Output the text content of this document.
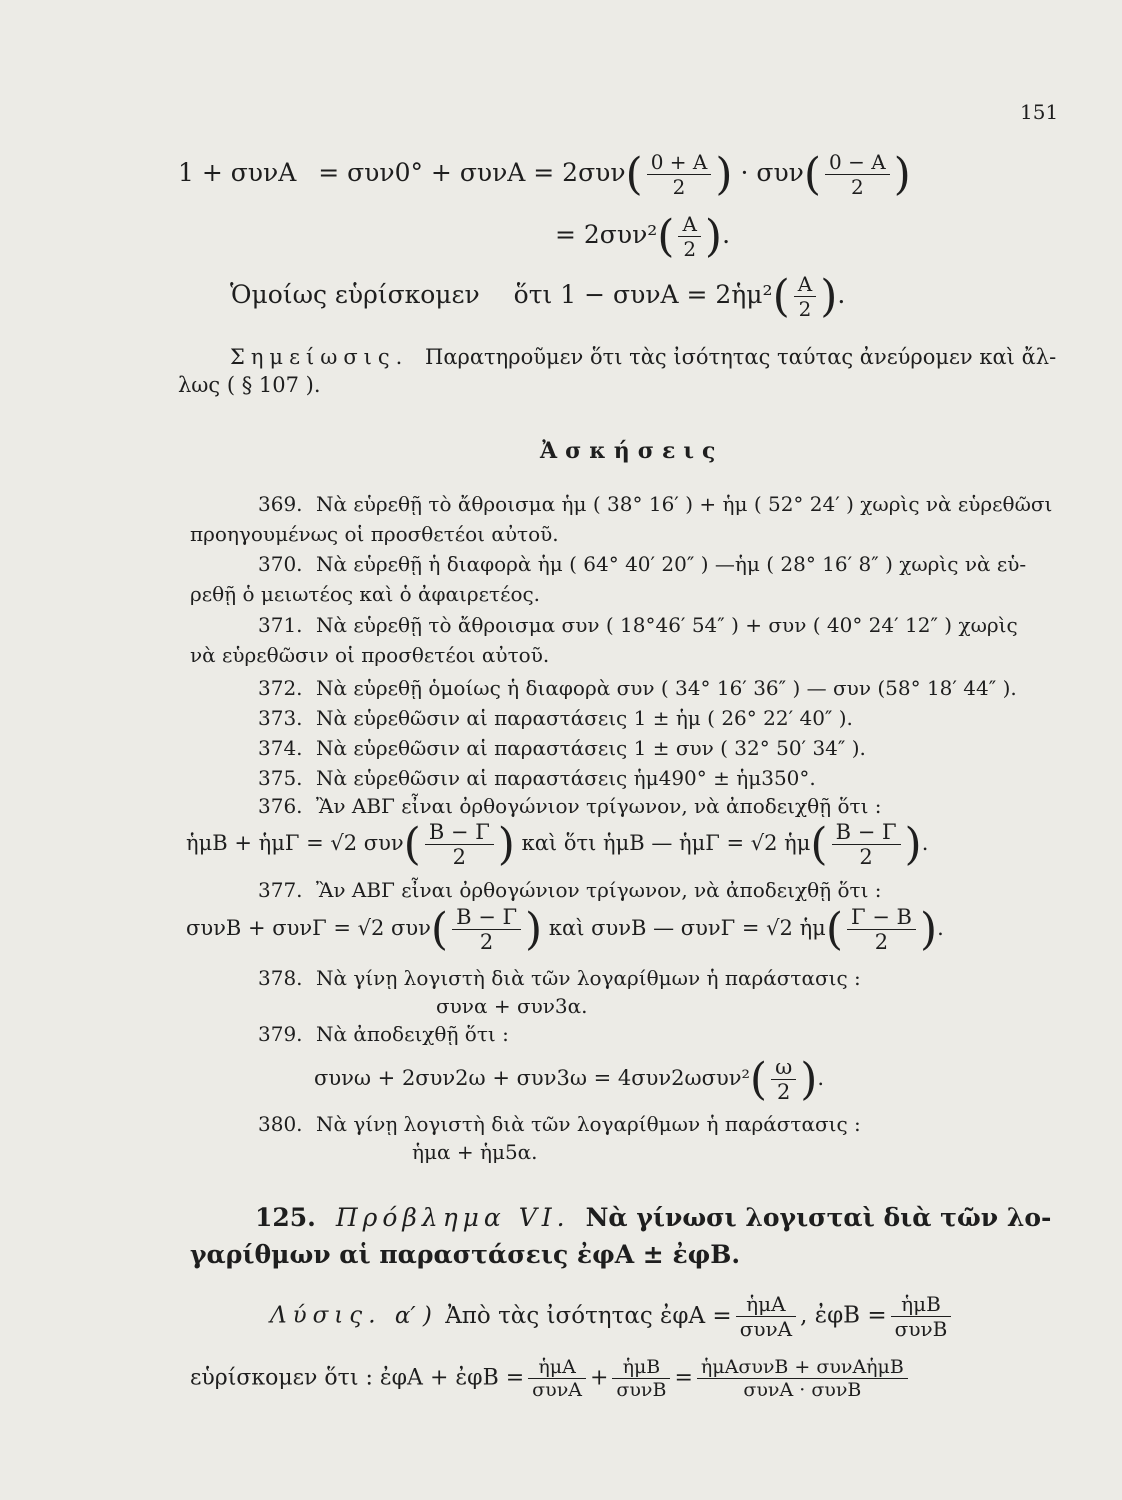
151
$1 + \sigma\upsilon\nu A = \sigma\upsilon\nu 0^\circ + \sigma\upsilon\nu A = 2\sigma\upsilon\nu( \frac{0 + A}{2}$ ) · $\sigma\upsilon\nu( \frac{0 - A}{2}$ )
= $2\sigma\upsilon\nu^2( \frac{A}{2}$ ).
Ὁμοίως εὑρίσκομεν ὅτι 1 − συνA = 2ἡμ²( $\frac{A}{2}$ ).
Σημείωσις. Παρατηροῦμεν ὅτι τὰς ἰσότητας ταύτας ἀνεύρομεν καὶ ἄλ-
λως ( § 107 ).
Ἀσκήσεις
369. Νὰ εὑρεθῇ τὸ ἄθροισμα ἡμ ( 38° 16′ ) + ἡμ ( 52° 24′ ) χωρὶς νὰ εὑρεθῶσι
προηγουμένως οἱ προσθετέοι αὐτοῦ.
370. Νὰ εὑρεθῇ ἡ διαφορὰ ἡμ ( 64° 40′ 20″ ) —ἡμ ( 28° 16′ 8″ ) χωρὶς νὰ εὑ-
ρεθῇ ὁ μειωτέος καὶ ὁ ἀφαιρετέος.
371. Νὰ εὑρεθῇ τὸ ἄθροισμα συν ( 18°46′ 54″ ) + συν ( 40° 24′ 12″ ) χωρὶς
νὰ εὑρεθῶσιν οἱ προσθετέοι αὐτοῦ.
372. Νὰ εὑρεθῇ ὁμοίως ἡ διαφορὰ συν ( 34° 16′ 36″ ) — συν (58° 18′ 44″ ).
373. Νὰ εὑρεθῶσιν αἱ παραστάσεις 1 ± ἡμ ( 26° 22′ 40″ ).
374. Νὰ εὑρεθῶσιν αἱ παραστάσεις 1 ± συν ( 32° 50′ 34″ ).
375. Νὰ εὑρεθῶσιν αἱ παραστάσεις ἡμ490° ± ἡμ350°.
376. Ἂν ΑΒΓ εἶναι ὀρθογώνιον τρίγωνον, νὰ ἀποδειχθῇ ὅτι :
ἡμB + ἡμΓ = √2 $\sigma\upsilon\nu( \frac{B - \Gamma}{2}$ ) καὶ ὅτι ἡμB — ἡμΓ = √2 ἡμ( $\frac{B - \Gamma}{2}$ ).
377. Ἂν ΑΒΓ εἶναι ὀρθογώνιον τρίγωνον, νὰ ἀποδειχθῇ ὅτι :
συνB + συνΓ = √2 $\sigma\upsilon\nu( \frac{B - \Gamma}{2}$ ) καὶ συνB — συνΓ = √2 ἡμ( $\frac{\Gamma - B}{2}$ ).
378. Νὰ γίνῃ λογιστὴ διὰ τῶν λογαρίθμων ἡ παράστασις :
συνα + συν3α.
379. Νὰ ἀποδειχθῇ ὅτι :
$\sigma\upsilon\nu\omega + 2\sigma\upsilon\nu 2\omega + \sigma\upsilon\nu 3\omega = 4\sigma\upsilon\nu 2\omega\sigma\upsilon\nu^2( \frac{\omega}{2}$ ).
380. Νὰ γίνῃ λογιστὴ διὰ τῶν λογαρίθμων ἡ παράστασις :
ἡμα + ἡμ5α.
125. Πρόβλημα VI. Νὰ γίνωσι λογισταὶ διὰ τῶν λο-
γαρίθμων αἱ παραστάσεις ἐφA ± ἐφB.
Λύσις. α′ ) Ἀπὸ τὰς ἰσότητας ἐφA = $\frac{\text{ἡμA}}{\text{συνA}}$ , ἐφB = $\frac{\text{ἡμB}}{\text{συνB}}$
εὑρίσκομεν ὅτι : ἐφA + ἐφB = $\frac{\text{ἡμA}}{\text{συνA}} + \frac{\text{ἡμB}}{\text{συνB}} = \frac{\text{ἡμAσυνB + συνAἡμB}}{\text{συνA · συνB}}$
